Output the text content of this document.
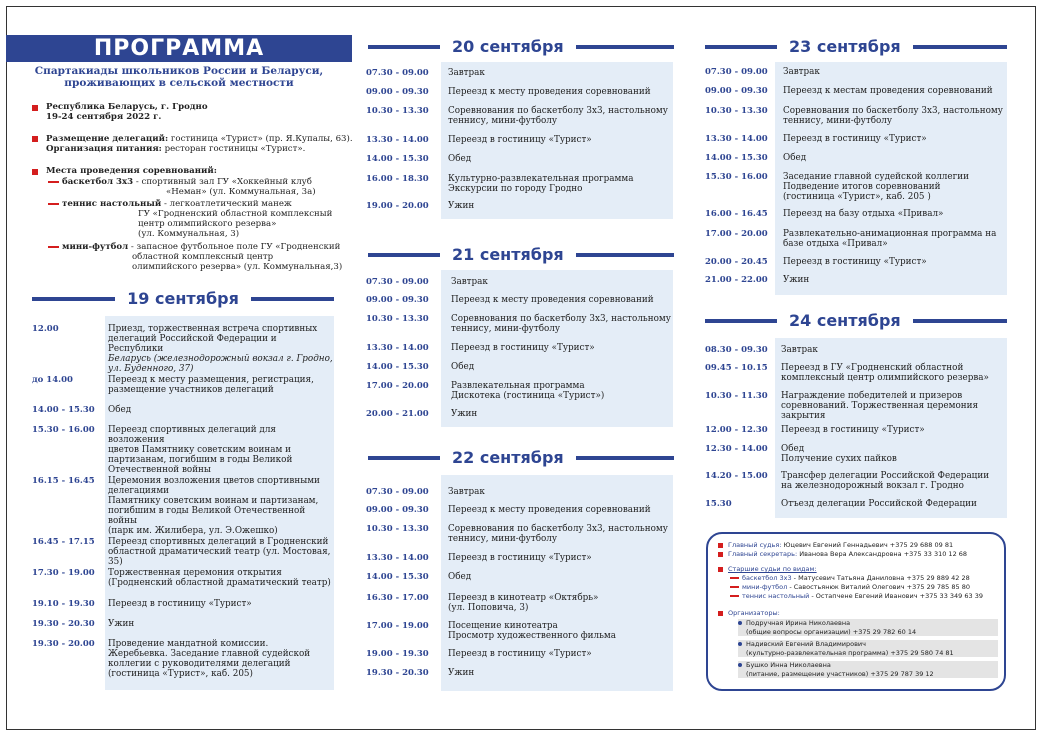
ПРОГРАММА
Спартакиады школьников России и Беларуси,
проживающих в сельской местности
Республика Беларусь, г. Гродно
19-24 сентября 2022 г.
Размещение делегаций: гостиница «Турист» (пр. Я.Купалы, 63).
Организация питания: ресторан гостиницы «Турист».
Места проведения соревнований:
баскетбол 3х3 - спортивный зал ГУ «Хоккейный клуб
«Неман» (ул. Коммунальная, 3а)
теннис настольный - легкоатлетический манеж
ГУ «Гродненский областной комплексный
центр олимпийского резерва»
(ул. Коммунальная, 3)
мини-футбол - запасное футбольное поле ГУ «Гродненский
областной комплексный центр
олимпийского резерва» (ул. Коммунальная,3)
19 сентября
12.00	Приезд, торжественная встреча спортивных
делегаций Российской Федерации и Республики
Беларусь (железнодорожный вокзал г. Гродно,
ул. Буденного, 37)
до 14.00	Переезд к месту размещения, регистрация,
размещение участников делегаций
14.00 - 15.30 Обед
15.30 - 16.00 Переезд спортивных делегаций для возложения
цветов Памятнику советским воинам и
партизанам, погибшим в годы Великой
Отечественной войны
16.15 - 16.45 Церемония возложения цветов спортивными
делегациями
Памятнику советским воинам и партизанам,
погибшим в годы Великой Отечественной войны
(парк им. Жилибера, ул. Э.Ожешко)
16.45 - 17.15 Переезд спортивных делегаций в Гродненский
областной драматический театр (ул. Мостовая, 35)
17.30 - 19.00 Торжественная церемония открытия
(Гродненский областной драматический театр)
19.10 - 19.30 Переезд в гостиницу «Турист»
19.30 - 20.30 Ужин
19.30 - 20.00 Проведение мандатной комиссии.
Жеребьевка. Заседание главной судейской
коллегии с руководителями делегаций
(гостиница «Турист», каб. 205)
20 сентября
07.30 - 09.00 Завтрак
09.00 - 09.30 Переезд к месту проведения соревнований
10.30 - 13.30 Соревнования по баскетболу 3х3, настольному
теннису, мини-футболу
13.30 - 14.00 Переезд в гостиницу «Турист»
14.00 - 15.30 Обед
16.00 - 18.30 Культурно-развлекательная программа
Экскурсии по городу Гродно
19.00 - 20.00 Ужин
21 сентября
07.30 - 09.00	Завтрак
09.00 - 09.30	Переезд к месту проведения соревнований
10.30 - 13.30	Соревнования по баскетболу 3х3, настольному
теннису, мини-футболу
13.30 - 14.00	Переезд в гостиницу «Турист»
14.00 - 15.30	Обед
17.00 - 20.00	Развлекательная программа
Дискотека (гостиница «Турист»)
20.00 - 21.00	Ужин
22 сентября
07.30 - 09.00 Завтрак
09.00 - 09.30 Переезд к месту проведения соревнований
10.30 - 13.30 Соревнования по баскетболу 3х3, настольному
теннису, мини-футболу
13.30 - 14.00 Переезд в гостиницу «Турист»
14.00 - 15.30 Обед
16.30 - 17.00 Переезд в кинотеатр «Октябрь»
(ул. Поповича, 3)
17.00 - 19.00 Посещение кинотеатра
Просмотр художественного фильма
19.00 - 19.30 Переезд в гостиницу «Турист»
19.30 - 20.30 Ужин
23 сентября
07.30 - 09.00 Завтрак
09.00 - 09.30 Переезд к местам проведения соревнований
10.30 - 13.30 Соревнования по баскетболу 3х3, настольному
теннису, мини-футболу
13.30 - 14.00 Переезд в гостиницу «Турист»
14.00 - 15.30 Обед
15.30 - 16.00 Заседание главной судейской коллегии
Подведение итогов соревнований
(гостиница «Турист», каб. 205 )
16.00 - 16.45 Переезд на базу отдыха «Привал»
17.00 - 20.00 Развлекательно-анимационная программа на
базе отдыха «Привал»
20.00 - 20.45 Переезд в гостиницу «Турист»
21.00 - 22.00 Ужин
24 сентября
08.30 - 09.30 Завтрак
09.45 - 10.15 Переезд в ГУ «Гродненский областной
комплексный центр олимпийского резерва»
10.30 - 11.30 Награждение победителей и призеров
соревнований. Торжественная церемония
закрытия
12.00 - 12.30 Переезд в гостиницу «Турист»
12.30 - 14.00 Обед
Получение сухих пайков
14.20 - 15.00 Трансфер делегации Российской Федерации
на железнодорожный вокзал г. Гродно
15.30	Отъезд делегации Российской Федерации
Главный судья: Юцевич Евгений Геннадьевич +375 29 688 09 81
Главный секретарь: Иванова Вера Александровна +375 33 310 12 68
Старшие судьи по видам:
баскетбол 3х3 - Матусевич Татьяна Даниловна +375 29 889 42 28
мини-футбол - Савостьянюк Виталий Олегович +375 29 785 85 80
теннис настольный - Остапчене Евгений Иванович +375 33 349 63 39
Организаторы:
Подручная Ирина Николаевна
(общие вопросы организации) +375 29 782 60 14
Надивский Евгений Владимирович
(культурно-развлекательная программа) +375 29 580 74 81
Бушко Инна Николаевна
(питание, размещение участников) +375 29 787 39 12
